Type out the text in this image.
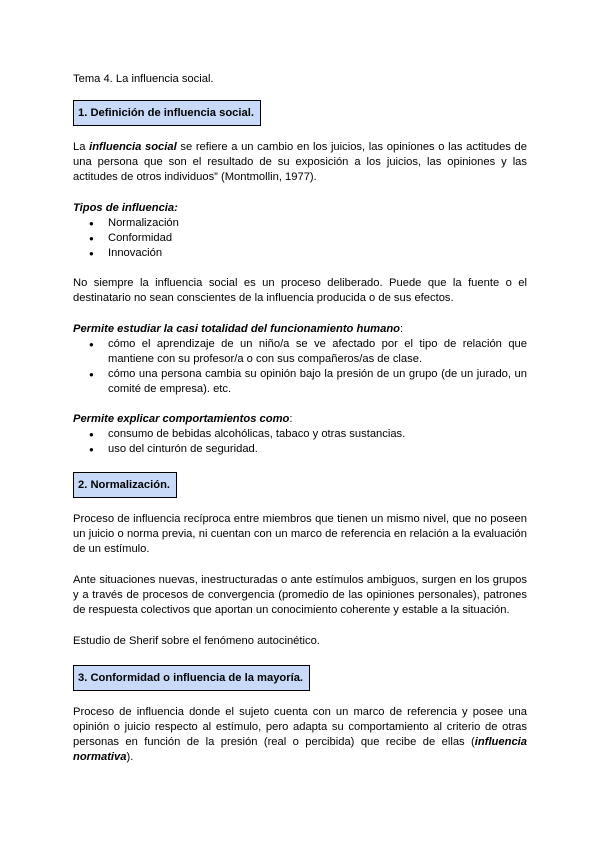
Tema 4. La influencia social.
1. Definición de influencia social.

La influencia social se refiere a un cambio en los juicios, las opiniones o las actitudes de una persona que son el resultado de su exposición a los juicios, las opiniones y las actitudes de otros individuos” (Montmollin, 1977).

Tipos de influencia:
● Normalización
● Conformidad
● Innovación

No siempre la influencia social es un proceso deliberado. Puede que la fuente o el destinatario no sean conscientes de la influencia producida o de sus efectos.

Permite estudiar la casi totalidad del funcionamiento humano:
● cómo el aprendizaje de un niño/a se ve afectado por el tipo de relación que mantiene con su profesor/a o con sus compañeros/as de clase.
● cómo una persona cambia su opinión bajo la presión de un grupo (de un jurado, un comité de empresa). etc.
Permite explicar comportamientos como:
● consumo de bebidas alcohólicas, tabaco y otras sustancias.
● uso del cinturón de seguridad.
2. Normalización.

Proceso de influencia recíproca entre miembros que tienen un mismo nivel, que no poseen un juicio o norma previa, ni cuentan con un marco de referencia en relación a la evaluación de un estímulo.

Ante situaciones nuevas, inestructuradas o ante estímulos ambiguos, surgen en los grupos y a través de procesos de convergencia (promedio de las opiniones personales), patrones de respuesta colectivos que aportan un conocimiento coherente y estable a la situación.

Estudio de Sherif sobre el fenómeno autocinético.

3. Conformidad o influencia de la mayoría.

Proceso de influencia donde el sujeto cuenta con un marco de referencia y posee una opinión o juicio respecto al estímulo, pero adapta su comportamiento al criterio de otras personas en función de la presión (real o percibida) que recibe de ellas (influencia normativa).
